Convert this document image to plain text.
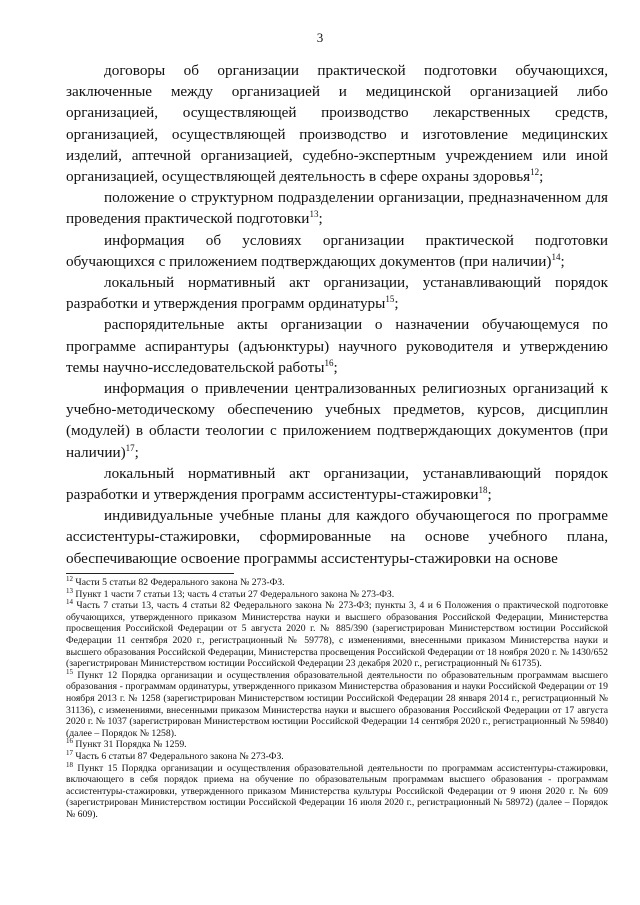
3

договоры об организации практической подготовки обучающихся, заключенные между организацией и медицинской организацией либо организацией, осуществляющей производство лекарственных средств, организацией, осуществляющей производство и изготовление медицинских изделий, аптечной организацией, судебно-экспертным учреждением или иной организацией, осуществляющей деятельность в сфере охраны здоровья$^{12}$;

положение о структурном подразделении организации, предназначенном для проведения практической подготовки$^{13}$;

информация об условиях организации практической подготовки обучающихся с приложением подтверждающих документов (при наличии)$^{14}$;

локальный нормативный акт организации, устанавливающий порядок разработки и утверждения программ ординатуры$^{15}$;

распорядительные акты организации о назначении обучающемуся по программе аспирантуры (адъюнктуры) научного руководителя и утверждению темы научно-исследовательской работы$^{16}$;

информация о привлечении централизованных религиозных организаций к учебно-методическому обеспечению учебных предметов, курсов, дисциплин (модулей) в области теологии с приложением подтверждающих документов (при наличии)$^{17}$;

локальный нормативный акт организации, устанавливающий порядок разработки и утверждения программ ассистентуры-стажировки$^{18}$;

индивидуальные учебные планы для каждого обучающегося по программе ассистентуры-стажировки, сформированные на основе учебного плана, обеспечивающие освоение программы ассистентуры-стажировки на основе

$^{12}$ Части 5 статьи 82 Федерального закона № 273-ФЗ.

$^{13}$ Пункт 1 части 7 статьи 13; часть 4 статьи 27 Федерального закона № 273-ФЗ.

$^{14}$ Часть 7 статьи 13, часть 4 статьи 82 Федерального закона № 273-ФЗ; пункты 3, 4 и 6 Положения о практической подготовке обучающихся, утвержденного приказом Министерства науки и высшего образования Российской Федерации, Министерства просвещения Российской Федерации от 5 августа 2020 г. № 885/390 (зарегистрирован Министерством юстиции Российской Федерации 11 сентября 2020 г., регистрационный № 59778), с изменениями, внесенными приказом Министерства науки и высшего образования Российской Федерации, Министерства просвещения Российской Федерации от 18 ноября 2020 г. № 1430/652 (зарегистрирован Министерством юстиции Российской Федерации 23 декабря 2020 г., регистрационный № 61735).

$^{15}$ Пункт 12 Порядка организации и осуществления образовательной деятельности по образовательным программам высшего образования - программам ординатуры, утвержденного приказом Министерства образования и науки Российской Федерации от 19 ноября 2013 г. № 1258 (зарегистрирован Министерством юстиции Российской Федерации 28 января 2014 г., регистрационный № 31136), с изменениями, внесенными приказом Министерства науки и высшего образования Российской Федерации от 17 августа 2020 г. № 1037 (зарегистрирован Министерством юстиции Российской Федерации 14 сентября 2020 г., регистрационный № 59840) (далее – Порядок № 1258).

$^{16}$ Пункт 31 Порядка № 1259.

$^{17}$ Часть 6 статьи 87 Федерального закона № 273-ФЗ.

$^{18}$ Пункт 15 Порядка организации и осуществления образовательной деятельности по программам ассистентуры-стажировки, включающего в себя порядок приема на обучение по образовательным программам высшего образования - программам ассистентуры-стажировки, утвержденного приказом Министерства культуры Российской Федерации от 9 июня 2020 г. № 609 (зарегистрирован Министерством юстиции Российской Федерации 16 июля 2020 г., регистрационный № 58972) (далее – Порядок № 609).
